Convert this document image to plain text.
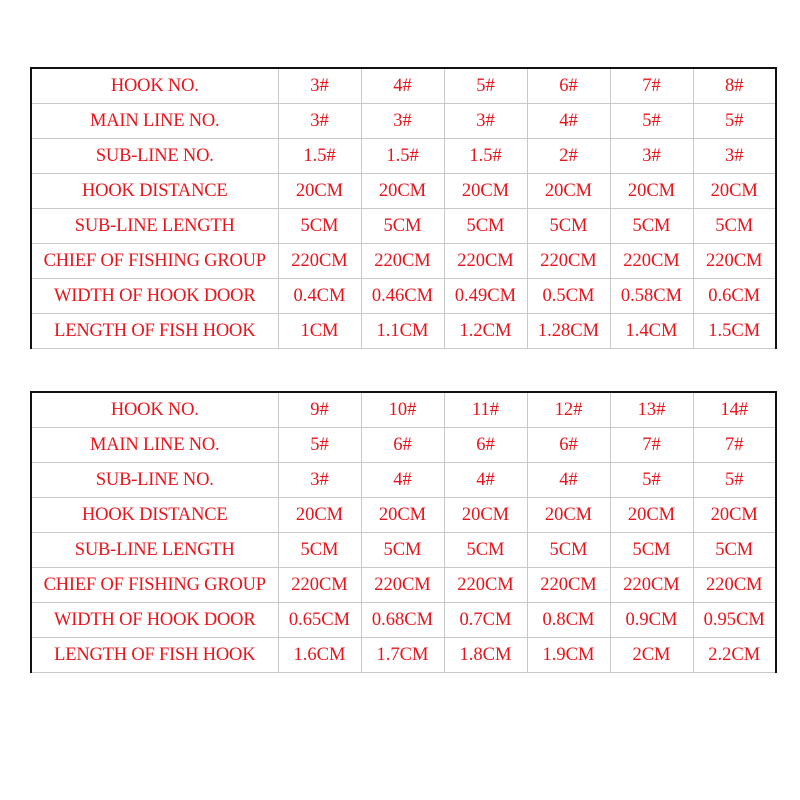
HOOK NO.	3#	4#	5#	6#	7#	8#
MAIN LINE NO.	3#	3#	3#	4#	5#	5#
SUB-LINE NO.	1.5#	1.5#	1.5#	2#	3#	3#
HOOK DISTANCE	20CM	20CM	20CM	20CM	20CM	20CM
SUB-LINE LENGTH	5CM	5CM	5CM	5CM	5CM	5CM
CHIEF OF FISHING GROUP	220CM	220CM	220CM	220CM	220CM	220CM
WIDTH OF HOOK DOOR	0.4CM	0.46CM	0.49CM	0.5CM	0.58CM	0.6CM
LENGTH OF FISH HOOK	1CM	1.1CM	1.2CM	1.28CM	1.4CM	1.5CM
HOOK NO.	9#	10#	11#	12#	13#	14#
MAIN LINE NO.	5#	6#	6#	6#	7#	7#
SUB-LINE NO.	3#	4#	4#	4#	5#	5#
HOOK DISTANCE	20CM	20CM	20CM	20CM	20CM	20CM
SUB-LINE LENGTH	5CM	5CM	5CM	5CM	5CM	5CM
CHIEF OF FISHING GROUP	220CM	220CM	220CM	220CM	220CM	220CM
WIDTH OF HOOK DOOR	0.65CM	0.68CM	0.7CM	0.8CM	0.9CM	0.95CM
LENGTH OF FISH HOOK	1.6CM	1.7CM	1.8CM	1.9CM	2CM	2.2CM
